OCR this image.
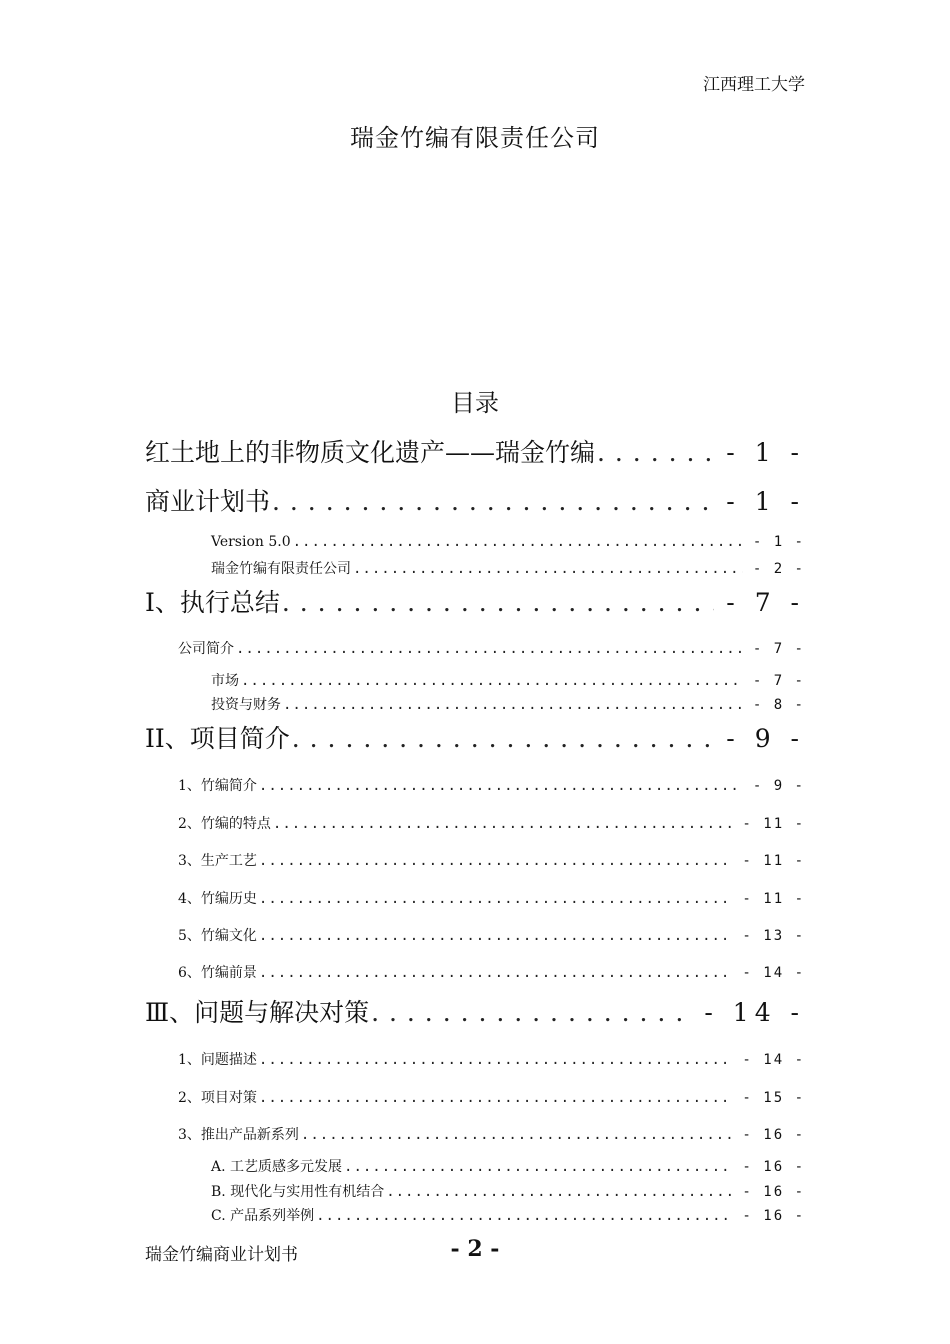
江西理工大学
瑞金竹编有限责任公司
目录
红土地上的非物质文化遗产——瑞金竹编 . . .	- 1 -
商业计划书 . . .	- 1 -
Version 5.0 .....	- 1 -
瑞金竹编有限责任公司 .....	- 2 -
I、执行总结 . . .	- 7 -
公司简介 .....	- 7 -
市场 .....	- 7 -
投资与财务 .....	- 8 -
II、项目简介 . . .	- 9 -
1、竹编简介 .....	- 9 -
2、竹编的特点 .....	- 11 -
3、生产工艺 .....	- 11 -
4、竹编历史 .....	- 11 -
5、竹编文化 .....	- 13 -
6、竹编前景 .....	- 14 -
Ⅲ、问题与解决对策 . . .	- 14 -
1、问题描述 .....	- 14 -
2、项目对策 .....	- 15 -
3、推出产品新系列 .....	- 16 -
A. 工艺质感多元发展 .....	- 16 -
B. 现代化与实用性有机结合 .....	- 16 -
C. 产品系列举例 .....	- 16 -
瑞金竹编商业计划书	- 2 -
